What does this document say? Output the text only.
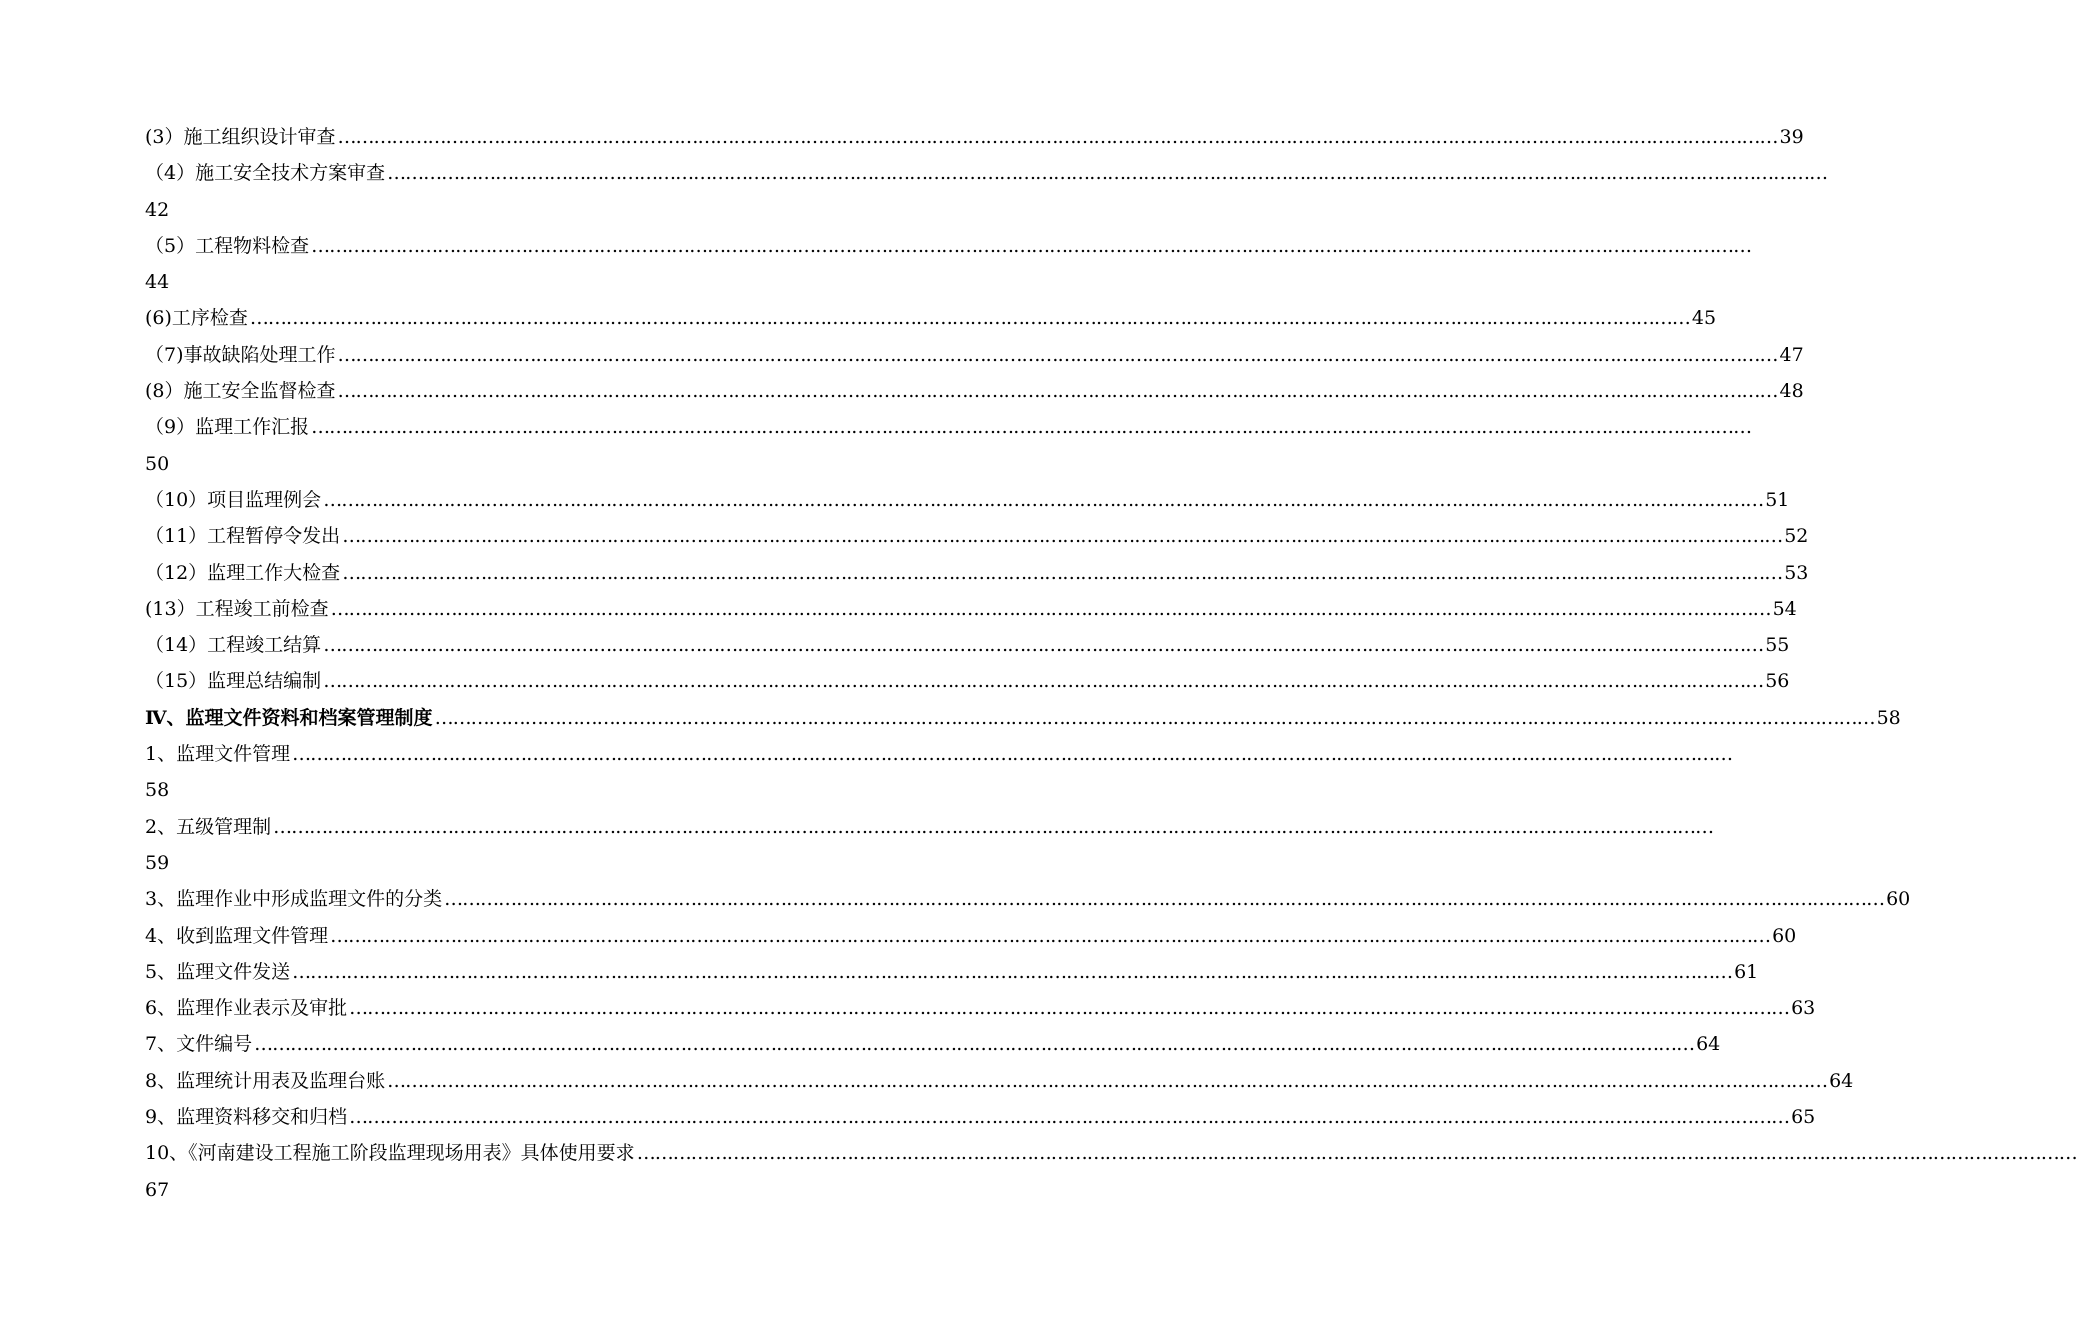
(3）施工组织设计审查 …………………………………………………………………………………………………………………………………………………………………………………………………………………… 39
（4）施工安全技术方案审查 ……………………………………………………………………………………………………………………………………………………………………………………………………………………
42
（5）工程物料检查 ……………………………………………………………………………………………………………………………………………………………………………………………………………………
44
(6)工序检查 …………………………………………………………………………………………………………………………………………………………………………………………………………………… 45
（7)事故缺陷处理工作 …………………………………………………………………………………………………………………………………………………………………………………………………………………… 47
(8）施工安全监督检查 …………………………………………………………………………………………………………………………………………………………………………………………………………………… 48
（9）监理工作汇报 ……………………………………………………………………………………………………………………………………………………………………………………………………………………
50
（10）项目监理例会 …………………………………………………………………………………………………………………………………………………………………………………………………………………… 51
（11）工程暂停令发出 …………………………………………………………………………………………………………………………………………………………………………………………………………………… 52
（12）监理工作大检查 …………………………………………………………………………………………………………………………………………………………………………………………………………………… 53
(13）工程竣工前检查 …………………………………………………………………………………………………………………………………………………………………………………………………………………… 54
（14）工程竣工结算 …………………………………………………………………………………………………………………………………………………………………………………………………………………… 55
（15）监理总结编制 …………………………………………………………………………………………………………………………………………………………………………………………………………………… 56
Ⅳ、监理文件资料和档案管理制度 …………………………………………………………………………………………………………………………………………………………………………………………………………………… 58
1、监理文件管理 ……………………………………………………………………………………………………………………………………………………………………………………………………………………
58
2、五级管理制 ……………………………………………………………………………………………………………………………………………………………………………………………………………………
59
3、监理作业中形成监理文件的分类 …………………………………………………………………………………………………………………………………………………………………………………………………………………… 60
4、收到监理文件管理 …………………………………………………………………………………………………………………………………………………………………………………………………………………… 60
5、监理文件发送 …………………………………………………………………………………………………………………………………………………………………………………………………………………… 61
6、监理作业表示及审批 …………………………………………………………………………………………………………………………………………………………………………………………………………………… 63
7、文件编号 …………………………………………………………………………………………………………………………………………………………………………………………………………………… 64
8、监理统计用表及监理台账 …………………………………………………………………………………………………………………………………………………………………………………………………………………… 64
9、监理资料移交和归档 …………………………………………………………………………………………………………………………………………………………………………………………………………………… 65
10、《河南建设工程施工阶段监理现场用表》具体使用要求 ……………………………………………………………………………………………………………………………………………………………………………………………………………………
67
